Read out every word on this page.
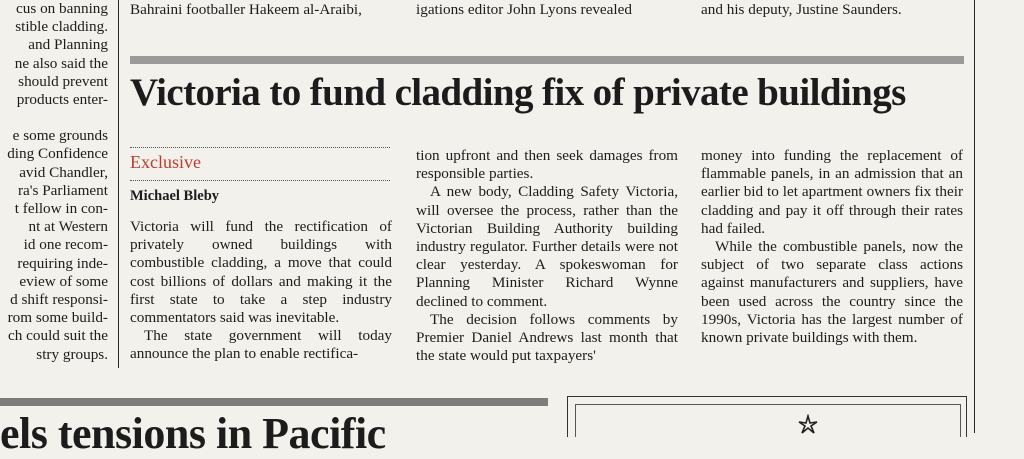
Bahraini footballer Hakeem al-Araibi,	igations editor John Lyons revealed	and his deputy, Justine Saunders.

cus on banning

stible cladding.

and Planning

ne also said the

should prevent

products enter-

e some grounds

ding Confidence

avid Chandler,

ra's Parliament

t fellow in con-

nt at Western

id one recom-

requiring inde-

eview of some

d shift responsi-

rom some build-

ch could suit the

stry groups.

Victoria to fund cladding fix of private buildings
Exclusive
Michael Bleby

Victoria will fund the rectification of privately owned buildings with combustible cladding, a move that could cost billions of dollars and making it the first state to take a step industry commentators said was inevitable.

The state government will today announce the plan to enable rectifica-

tion upfront and then seek damages from responsible parties.

A new body, Cladding Safety Victoria, will oversee the process, rather than the Victorian Building Authority building industry regulator. Further details were not clear yesterday. A spokeswoman for Planning Minister Richard Wynne declined to comment.

The decision follows comments by Premier Daniel Andrews last month that the state would put taxpayers'

money into funding the replacement of flammable panels, in an admission that an earlier bid to let apartment owners fix their cladding and pay it off through their rates had failed.

While the combustible panels, now the subject of two separate class actions against manufacturers and suppliers, have been used across the country since the 1990s, Victoria has the largest number of known private buildings with them.

els tensions in Pacific
